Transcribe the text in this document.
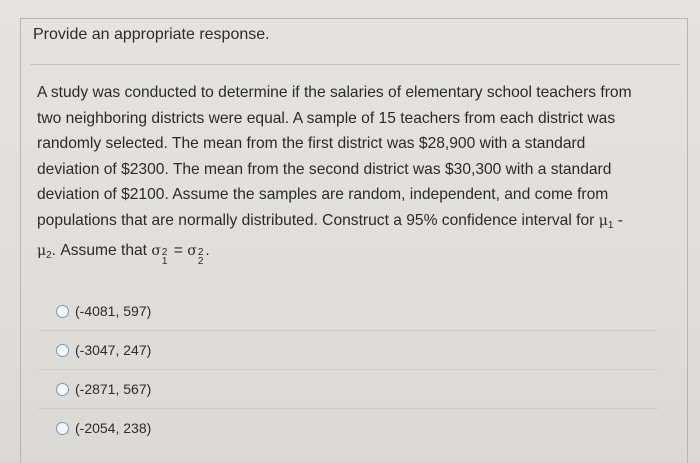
Provide an appropriate response.

A study was conducted to determine if the salaries of elementary school teachers from

two neighboring districts were equal. A sample of 15 teachers from each district was

randomly selected. The mean from the first district was $28,900 with a standard

deviation of $2300. The mean from the second district was $30,300 with a standard

deviation of $2100. Assume the samples are random, independent, and come from

populations that are normally distributed. Construct a 95% confidence interval for $\mu_1$ -

$\mu_2$. Assume that σ 2
1
= σ 2
2
.

(-4081, 597)
(-3047, 247)
(-2871, 567)
(-2054, 238)
